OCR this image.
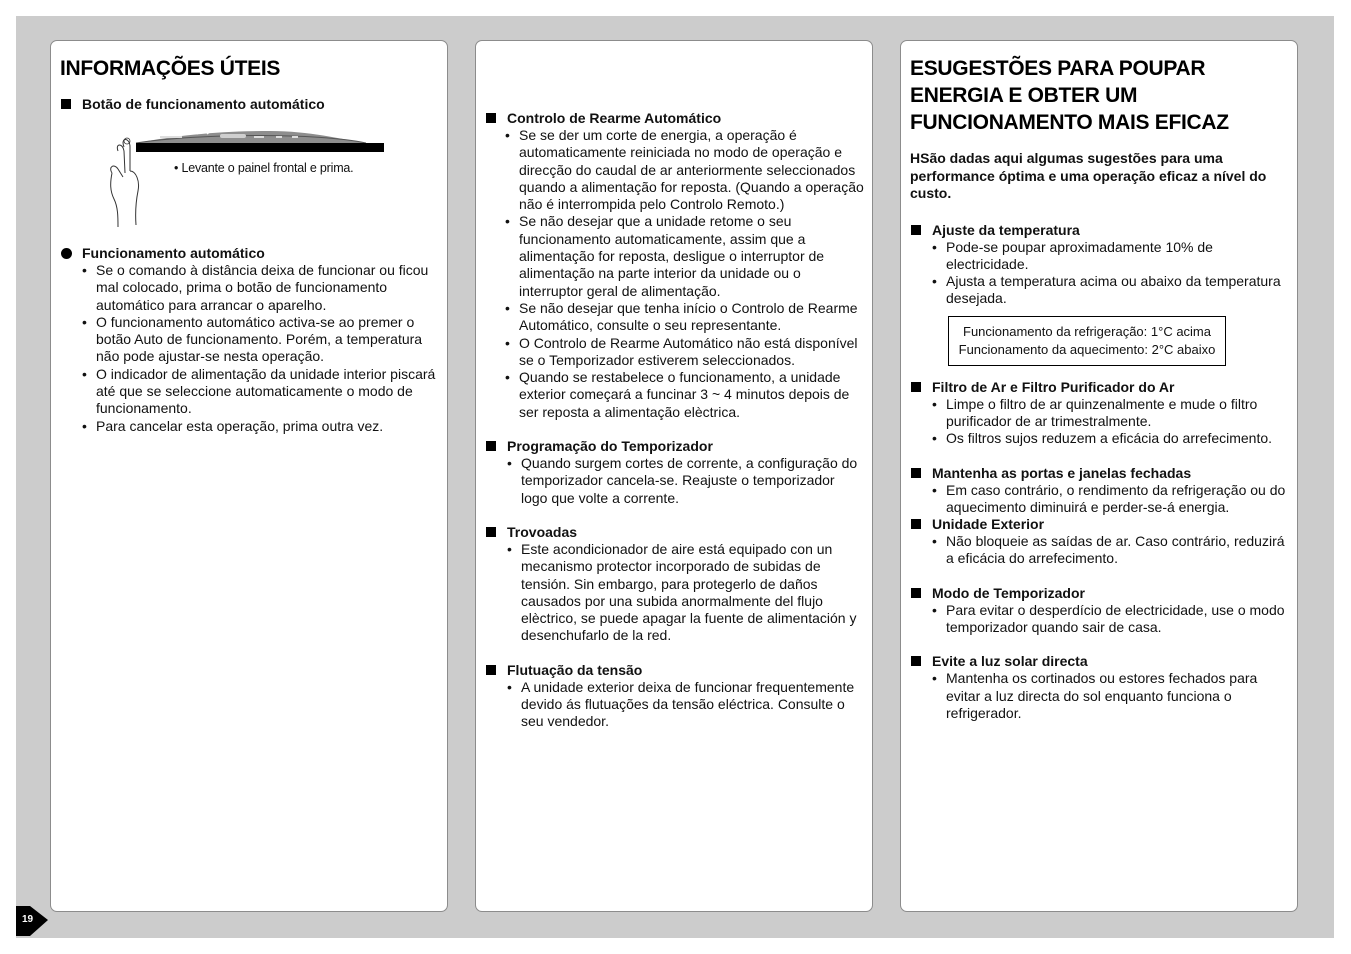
INFORMAÇÕES ÚTEIS
Botão de funcionamento automático
• Levante o painel frontal e prima.
Funcionamento automático
• Se o comando à distância deixa de funcionar ou ficou mal colocado, prima o botão de funcionamento automático para arrancar o aparelho.
• O funcionamento automático activa-se ao premer o botão Auto de funcionamento. Porém, a temperatura não pode ajustar-se nesta operação.
• O indicador de alimentação da unidade interior piscará até que se seleccione automaticamente o modo de funcionamento.
• Para cancelar esta operação, prima outra vez.
Controlo de Rearme Automático
• Se se der um corte de energia, a operação é automaticamente reiniciada no modo de operação e direcção do caudal de ar anteriormente seleccionados quando a alimentação for reposta. (Quando a operação não é interrompida pelo Controlo Remoto.)
• Se não desejar que a unidade retome o seu funcionamento automaticamente, assim que a alimentação for reposta, desligue o interruptor de alimentação na parte interior da unidade ou o interruptor geral de alimentação.
• Se não desejar que tenha início o Controlo de Rearme Automático, consulte o seu representante.
• O Controlo de Rearme Automático não está disponível se o Temporizador estiverem seleccionados.
• Quando se restabelece o funcionamento, a unidade exterior começará a funcinar 3 ~ 4 minutos depois de ser reposta a alimentação elèctrica.
Programação do Temporizador
• Quando surgem cortes de corrente, a configuração do temporizador cancela-se. Reajuste o temporizador logo que volte a corrente.
Trovoadas
• Este acondicionador de aire está equipado con un mecanismo protector incorporado de subidas de tensión. Sin embargo, para protegerlo de daños causados por una subida anormalmente del flujo elèctrico, se puede apagar la fuente de alimentación y desenchufarlo de la red.
Flutuação da tensão
• A unidade exterior deixa de funcionar frequentemente devido ás flutuações da tensão eléctrica. Consulte o seu vendedor.
ESUGESTÕES PARA POUPAR
ENERGIA E OBTER UM
FUNCIONAMENTO MAIS EFICAZ

HSão dadas aqui algumas sugestões para uma performance óptima e uma operação eficaz a nível do custo.

Ajuste da temperatura
• Pode-se poupar aproximadamente 10% de electricidade.
• Ajusta a temperatura acima ou abaixo da temperatura desejada.
Funcionamento da refrigeração: 1°C acima
Funcionamento da aquecimento: 2°C abaixo
Filtro de Ar e Filtro Purificador do Ar
• Limpe o filtro de ar quinzenalmente e mude o filtro purificador de ar trimestralmente.
• Os filtros sujos reduzem a eficácia do arrefecimento.
Mantenha as portas e janelas fechadas
• Em caso contrário, o rendimento da refrigeração ou do aquecimento diminuirá e perder-se-á energia.
Unidade Exterior
• Não bloqueie as saídas de ar. Caso contrário, reduzirá a eficácia do arrefecimento.
Modo de Temporizador
• Para evitar o desperdício de electricidade, use o modo temporizador quando sair de casa.
Evite a luz solar directa
• Mantenha os cortinados ou estores fechados para evitar a luz directa do sol enquanto funciona o refrigerador.
19
